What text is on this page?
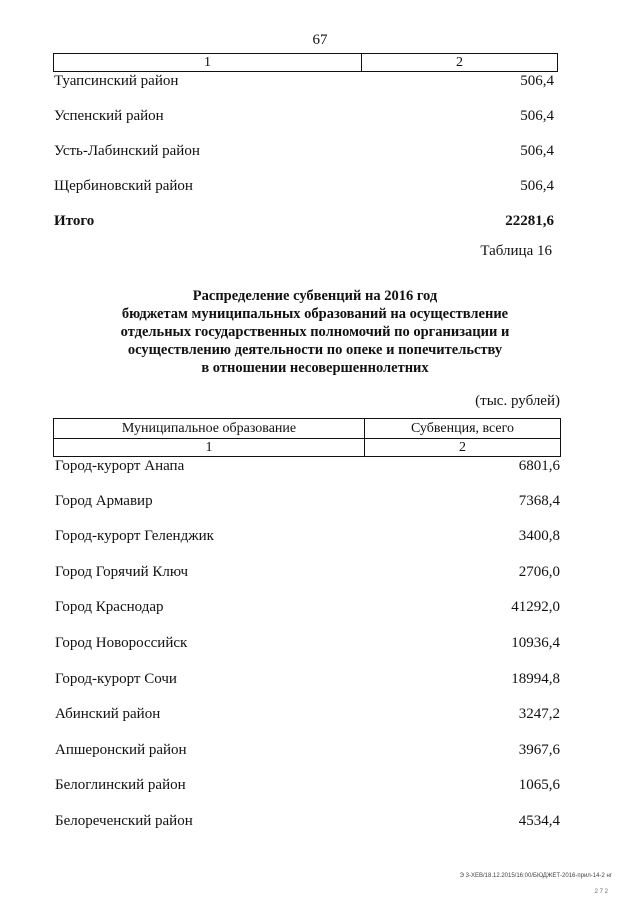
67
1	2
Туапсинский район	506,4
Успенский район	506,4
Усть-Лабинский район	506,4
Щербиновский район	506,4
Итого	22281,6
Таблица 16
Распределение субвенций на 2016 год
бюджетам муниципальных образований на осуществление
отдельных государственных полномочий по организации и
осуществлению деятельности по опеке и попечительству
в отношении несовершеннолетних
(тыс. рублей)
Муниципальное образование	Субвенция, всего
1	2
Город-курорт Анапа	6801,6
Город Армавир	7368,4
Город-курорт Геленджик	3400,8
Город Горячий Ключ	2706,0
Город Краснодар	41292,0
Город Новороссийск	10936,4
Город-курорт Сочи	18994,8
Абинский район	3247,2
Апшеронский район	3967,6
Белоглинский район	1065,6
Белореченский район	4534,4
Э 3-ХЕВ/18.12.2015/16:00/БЮДЖЕТ-2016-прил-14-2 нг
2 7 2
